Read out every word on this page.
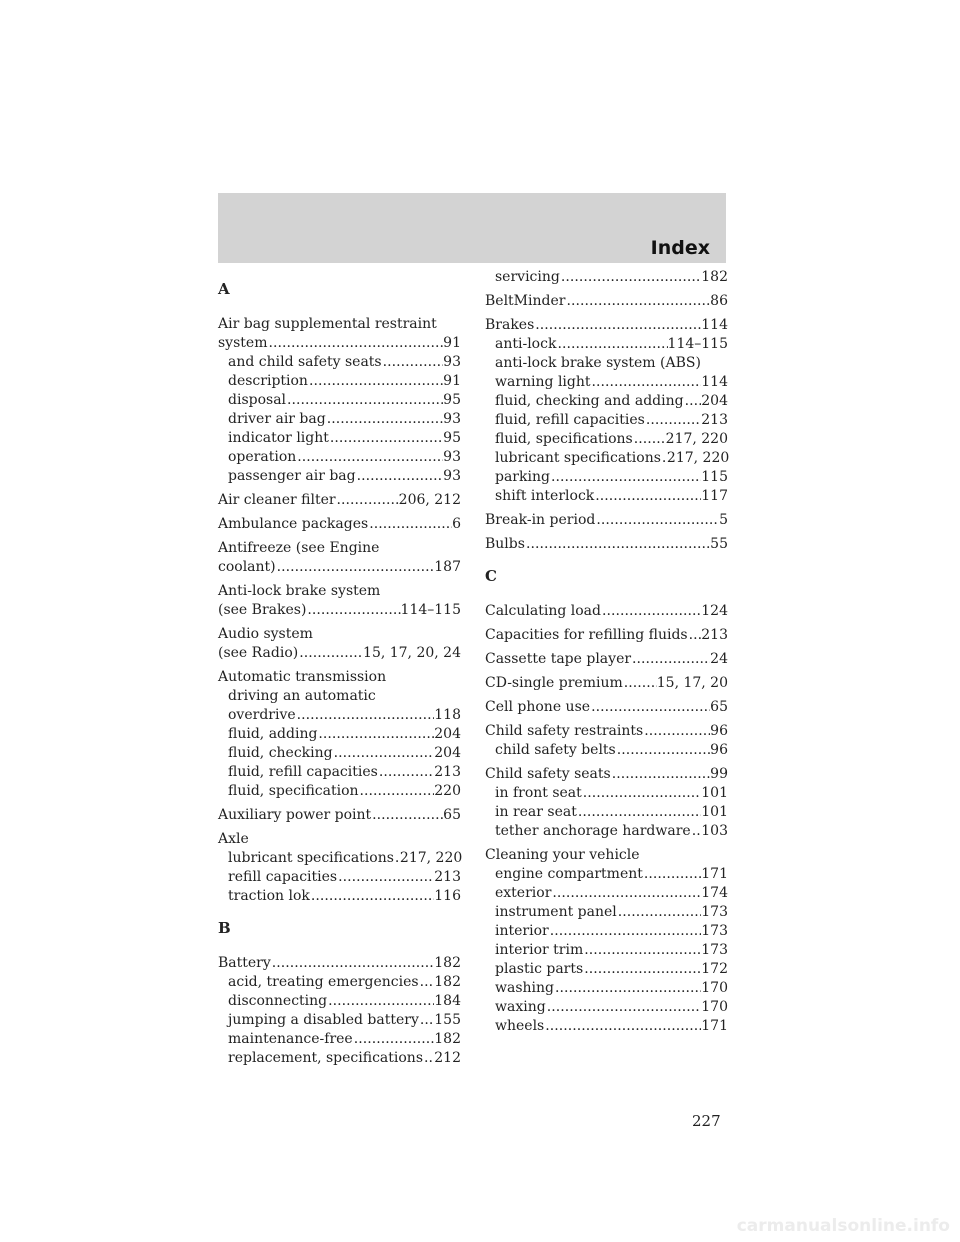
Index
A
Air bag supplemental restraint
system . . .	91
and child safety seats . . .	93
description . . .	91
disposal . . .	95
driver air bag . . .	93
indicator light . . .	95
operation . . .	93
passenger air bag . . .	93
Air cleaner filter . . .	206, 212
Ambulance packages . . .	6
Antifreeze (see Engine
coolant) . . .	187
Anti-lock brake system
(see Brakes) . . .	114–115
Audio system
(see Radio) . . .	15, 17, 20, 24
Automatic transmission
driving an automatic
overdrive . . .	118
fluid, adding . . .	204
fluid, checking . . .	204
fluid, refill capacities . . .	213
fluid, specification . . .	220
Auxiliary power point . . .	65
Axle
lubricant specifications . . . 217, 220
refill capacities . . .	213
traction lok . . .	116
B
Battery . . .	182
acid, treating emergencies . . . 182
disconnecting . . .	184
jumping a disabled battery . . . 155
maintenance-free . . .	182
replacement, specifications . . . 212
servicing . . .	182
BeltMinder . . .	86
Brakes . . .	114
anti-lock . . .	114–115
anti-lock brake system (ABS)
warning light . . .	114
fluid, checking and adding . . . 204
fluid, refill capacities . . .	213
fluid, specifications . . . 217, 220
lubricant specifications . . . 217, 220
parking . . .	115
shift interlock . . .	117
Break-in period . . .	5
Bulbs . . .	55
C
Calculating load . . .	124
Capacities for refilling fluids . . . 213
Cassette tape player . . .	24
CD-single premium . . . 15, 17, 20
Cell phone use . . .	65
Child safety restraints . . .	96
child safety belts . . .	96
Child safety seats . . .	99
in front seat . . .	101
in rear seat . . .	101
tether anchorage hardware . . . 103
Cleaning your vehicle
engine compartment . . .	171
exterior . . .	174
instrument panel . . .	173
interior . . .	173
interior trim . . .	173
plastic parts . . .	172
washing . . .	170
waxing . . .	170
wheels . . .	171
227
carmanualsonline.info
